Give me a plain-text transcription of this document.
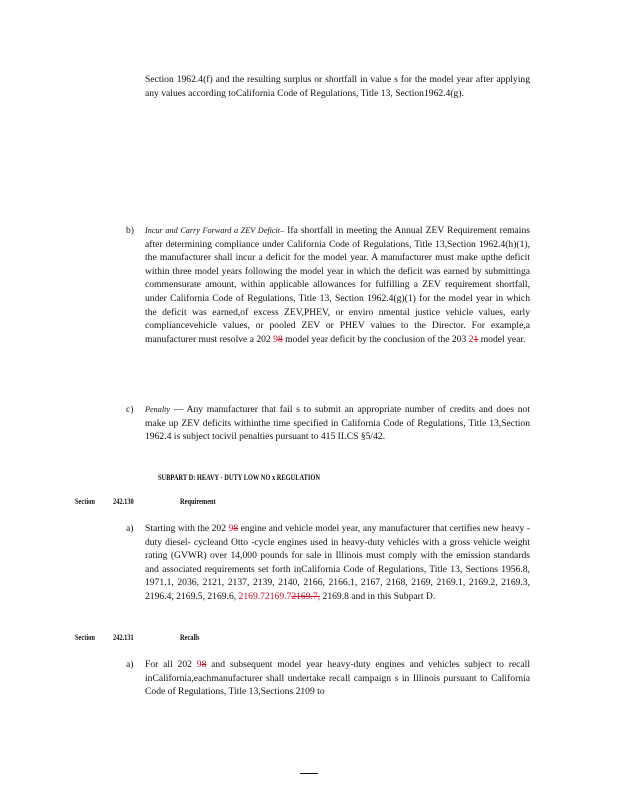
Section 1962.4(f) and the resulting surplus or shortfall in value s for the model year after applying any values according toCalifornia Code of Regulations, Title 13, Section1962.4(g).

b) Incur and Carry Forward a ZEV Deficit– Ifa shortfall in meeting the Annual ZEV Requirement remains after determining compliance under California Code of Regulations, Title 13,Section 1962.4(h)(1), the manufacturer shall incur a deficit for the model year. A manufacturer must make upthe deficit within three model years following the model year in which the deficit was earned by submittinga commensurate amount, within applicable allowances for fulfilling a ZEV requirement shortfall, under California Code of Regulations, Title 13, Section 1962.4(g)(1) for the model year in which the deficit was earned,of excess ZEV,PHEV, or enviro nmental justice vehicle values, early compliancevehicle values, or pooled ZEV or PHEV values to the Director. For example,a manufacturer must resolve a 202 98 model year deficit by the conclusion of the 203 21 model year.

c) Penalty — Any manufacturer that fail s to submit an appropriate number of credits and does not make up ZEV deficits withinthe time specified in California Code of Regulations, Title 13,Section 1962.4 is subject tocivil penalties pursuant to 415 ILCS §5/42.

SUBPART D: HEAVY - DUTY LOW NO x REGULATION
Section 242.130	Requirement
a) Starting with the 202 98 engine and vehicle model year, any manufacturer that certifies new heavy -duty diesel- cycleand Otto -cycle engines used in heavy-duty vehicles with a gross vehicle weight rating (GVWR) over 14,000 pounds for sale in Illinois must comply with the emission standards and associated requirements set forth inCalifornia Code of Regulations, Title 13, Sections 1956.8, 1971.1, 2036, 2121, 2137, 2139, 2140, 2166, 2166.1, 2167, 2168, 2169, 2169.1, 2169.2, 2169.3, 2196.4, 2169.5, 2169.6, 2169.72169.72169.7, 2169.8 and in this Subpart D.

Section 242.131	Recalls
a) For all 202 98 and subsequent model year heavy-duty engines and vehicles subject to recall inCalifornia,eachmanufacturer shall undertake recall campaign s in Illinois pursuant to California Code of Regulations, Title 13,Sections 2109 to
